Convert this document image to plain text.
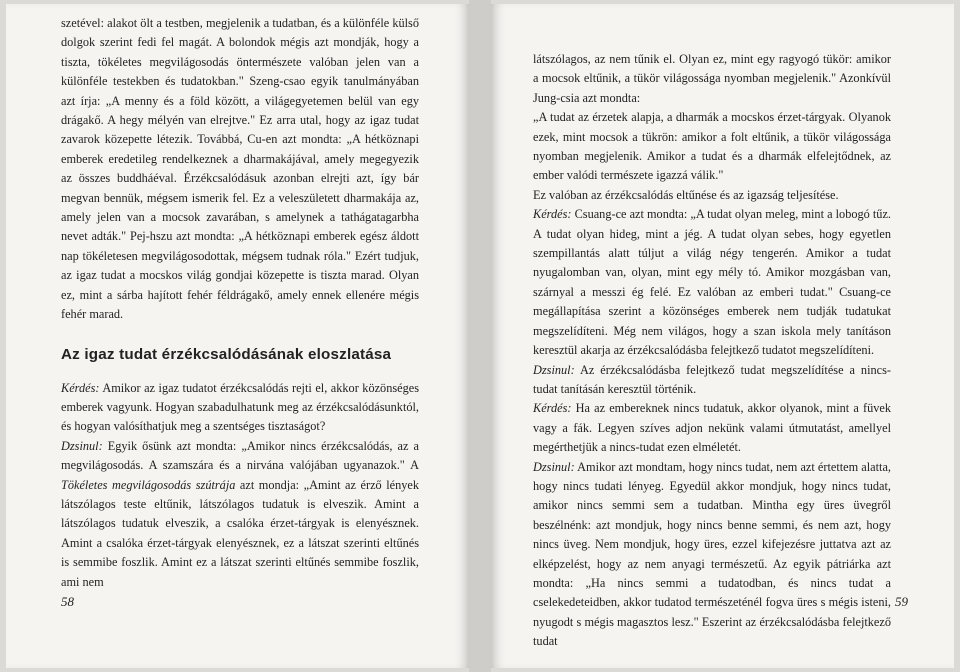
szetével: alakot ölt a testben, megjelenik a tudatban, és a különféle külső dolgok szerint fedi fel magát. A bolondok mégis azt mondják, hogy a tiszta, tökéletes megvilágosodás öntermészete valóban jelen van a különféle testekben és tudatokban." Szeng-csao egyik tanulmányában azt írja: „A menny és a föld között, a világegyetemen belül van egy drágakő. A hegy mélyén van elrejtve." Ez arra utal, hogy az igaz tudat zavarok közepette létezik. Továbbá, Cu-en azt mondta: „A hétköznapi emberek eredetileg rendelkeznek a dharmakájával, amely megegyezik az összes buddháéval. Érzékcsalódásuk azonban elrejti azt, így bár megvan bennük, mégsem ismerik fel. Ez a veleszületett dharmakája az, amely jelen van a mocsok zavarában, s amelynek a tathágatagarbha nevet adták." Pej-hszu azt mondta: „A hétköznapi emberek egész áldott nap tökéletesen megvilágosodottak, mégsem tudnak róla." Ezért tudjuk, az igaz tudat a mocskos világ gondjai közepette is tiszta marad. Olyan ez, mint a sárba hajított fehér féldrágakő, amely ennek ellenére mégis fehér marad.

Az igaz tudat érzékcsalódásának eloszlatása

Kérdés: Amikor az igaz tudatot érzékcsalódás rejti el, akkor közönséges emberek vagyunk. Hogyan szabadulhatunk meg az érzékcsalódásunktól, és hogyan valósíthatjuk meg a szentséges tisztaságot?

Dzsinul: Egyik ősünk azt mondta: „Amikor nincs érzékcsalódás, az a megvilágosodás. A szamszára és a nirvána valójában ugyanazok." A Tökéletes megvilágosodás szútrája azt mondja: „Amint az érző lények látszólagos teste eltűnik, látszólagos tudatuk is elveszik. Amint a látszólagos tudatuk elveszik, a csalóka érzet-tárgyak is elenyésznek. Amint a csalóka érzet-tárgyak elenyésznek, ez a látszat szerinti eltűnés is semmibe foszlik. Amint ez a látszat szerinti eltűnés semmibe foszlik, ami nem

58

látszólagos, az nem tűnik el. Olyan ez, mint egy ragyogó tükör: amikor a mocsok eltűnik, a tükör világossága nyomban megjelenik." Azonkívül Jung-csia azt mondta:

„A tudat az érzetek alapja, a dharmák a mocskos érzet-tárgyak. Olyanok ezek, mint mocsok a tükrön: amikor a folt eltűnik, a tükör világossága nyomban megjelenik. Amikor a tudat és a dharmák elfelejtődnek, az ember valódi természete igazzá válik."

Ez valóban az érzékcsalódás eltűnése és az igazság teljesítése.

Kérdés: Csuang-ce azt mondta: „A tudat olyan meleg, mint a lobogó tűz. A tudat olyan hideg, mint a jég. A tudat olyan sebes, hogy egyetlen szempillantás alatt túljut a világ négy tengerén. Amikor a tudat nyugalomban van, olyan, mint egy mély tó. Amikor mozgásban van, szárnyal a messzi ég felé. Ez valóban az emberi tudat." Csuang-ce megállapítása szerint a közönséges emberek nem tudják tudatukat megszelídíteni. Még nem világos, hogy a szan iskola mely tanításon keresztül akarja az érzékcsalódásba felejtkező tudatot megszelídíteni.

Dzsinul: Az érzékcsalódásba felejtkező tudat megszelídítése a nincs-tudat tanításán keresztül történik.

Kérdés: Ha az embereknek nincs tudatuk, akkor olyanok, mint a füvek vagy a fák. Legyen szíves adjon nekünk valami útmutatást, amellyel megérthetjük a nincs-tudat ezen elméletét.

Dzsinul: Amikor azt mondtam, hogy nincs tudat, nem azt értettem alatta, hogy nincs tudati lényeg. Egyedül akkor mondjuk, hogy nincs tudat, amikor nincs semmi sem a tudatban. Mintha egy üres üvegről beszélnénk: azt mondjuk, hogy nincs benne semmi, és nem azt, hogy nincs üveg. Nem mondjuk, hogy üres, ezzel kifejezésre juttatva azt az elképzelést, hogy az nem anyagi természetű. Az egyik pátriárka azt mondta: „Ha nincs semmi a tudatodban, és nincs tudat a cselekedeteidben, akkor tudatod természeténél fogva üres s mégis isteni, nyugodt s mégis magasztos lesz." Eszerint az érzékcsalódásba felejtkező tudat

59
